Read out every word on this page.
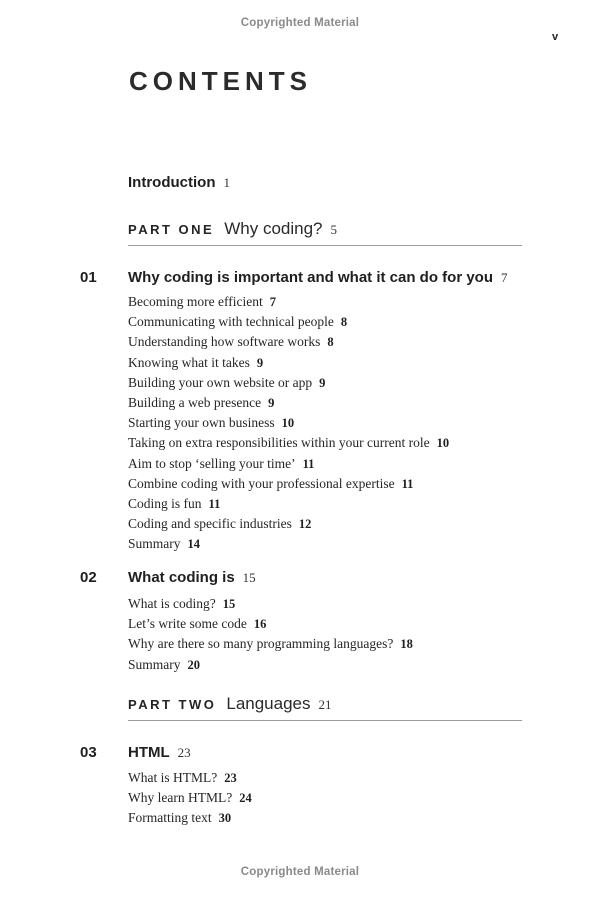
Copyrighted Material
v
CONTENTS
Introduction 1
PART ONE Why coding? 5
01 Why coding is important and what it can do for you 7
Becoming more efficient 7
Communicating with technical people 8
Understanding how software works 8
Knowing what it takes 9
Building your own website or app 9
Building a web presence 9
Starting your own business 10
Taking on extra responsibilities within your current role 10
Aim to stop ‘selling your time’ 11
Combine coding with your professional expertise 11
Coding is fun 11
Coding and specific industries 12
Summary 14
02 What coding is 15
What is coding? 15
Let’s write some code 16
Why are there so many programming languages? 18
Summary 20
PART TWO Languages 21
03 HTML 23
What is HTML? 23
Why learn HTML? 24
Formatting text 30
Copyrighted Material
